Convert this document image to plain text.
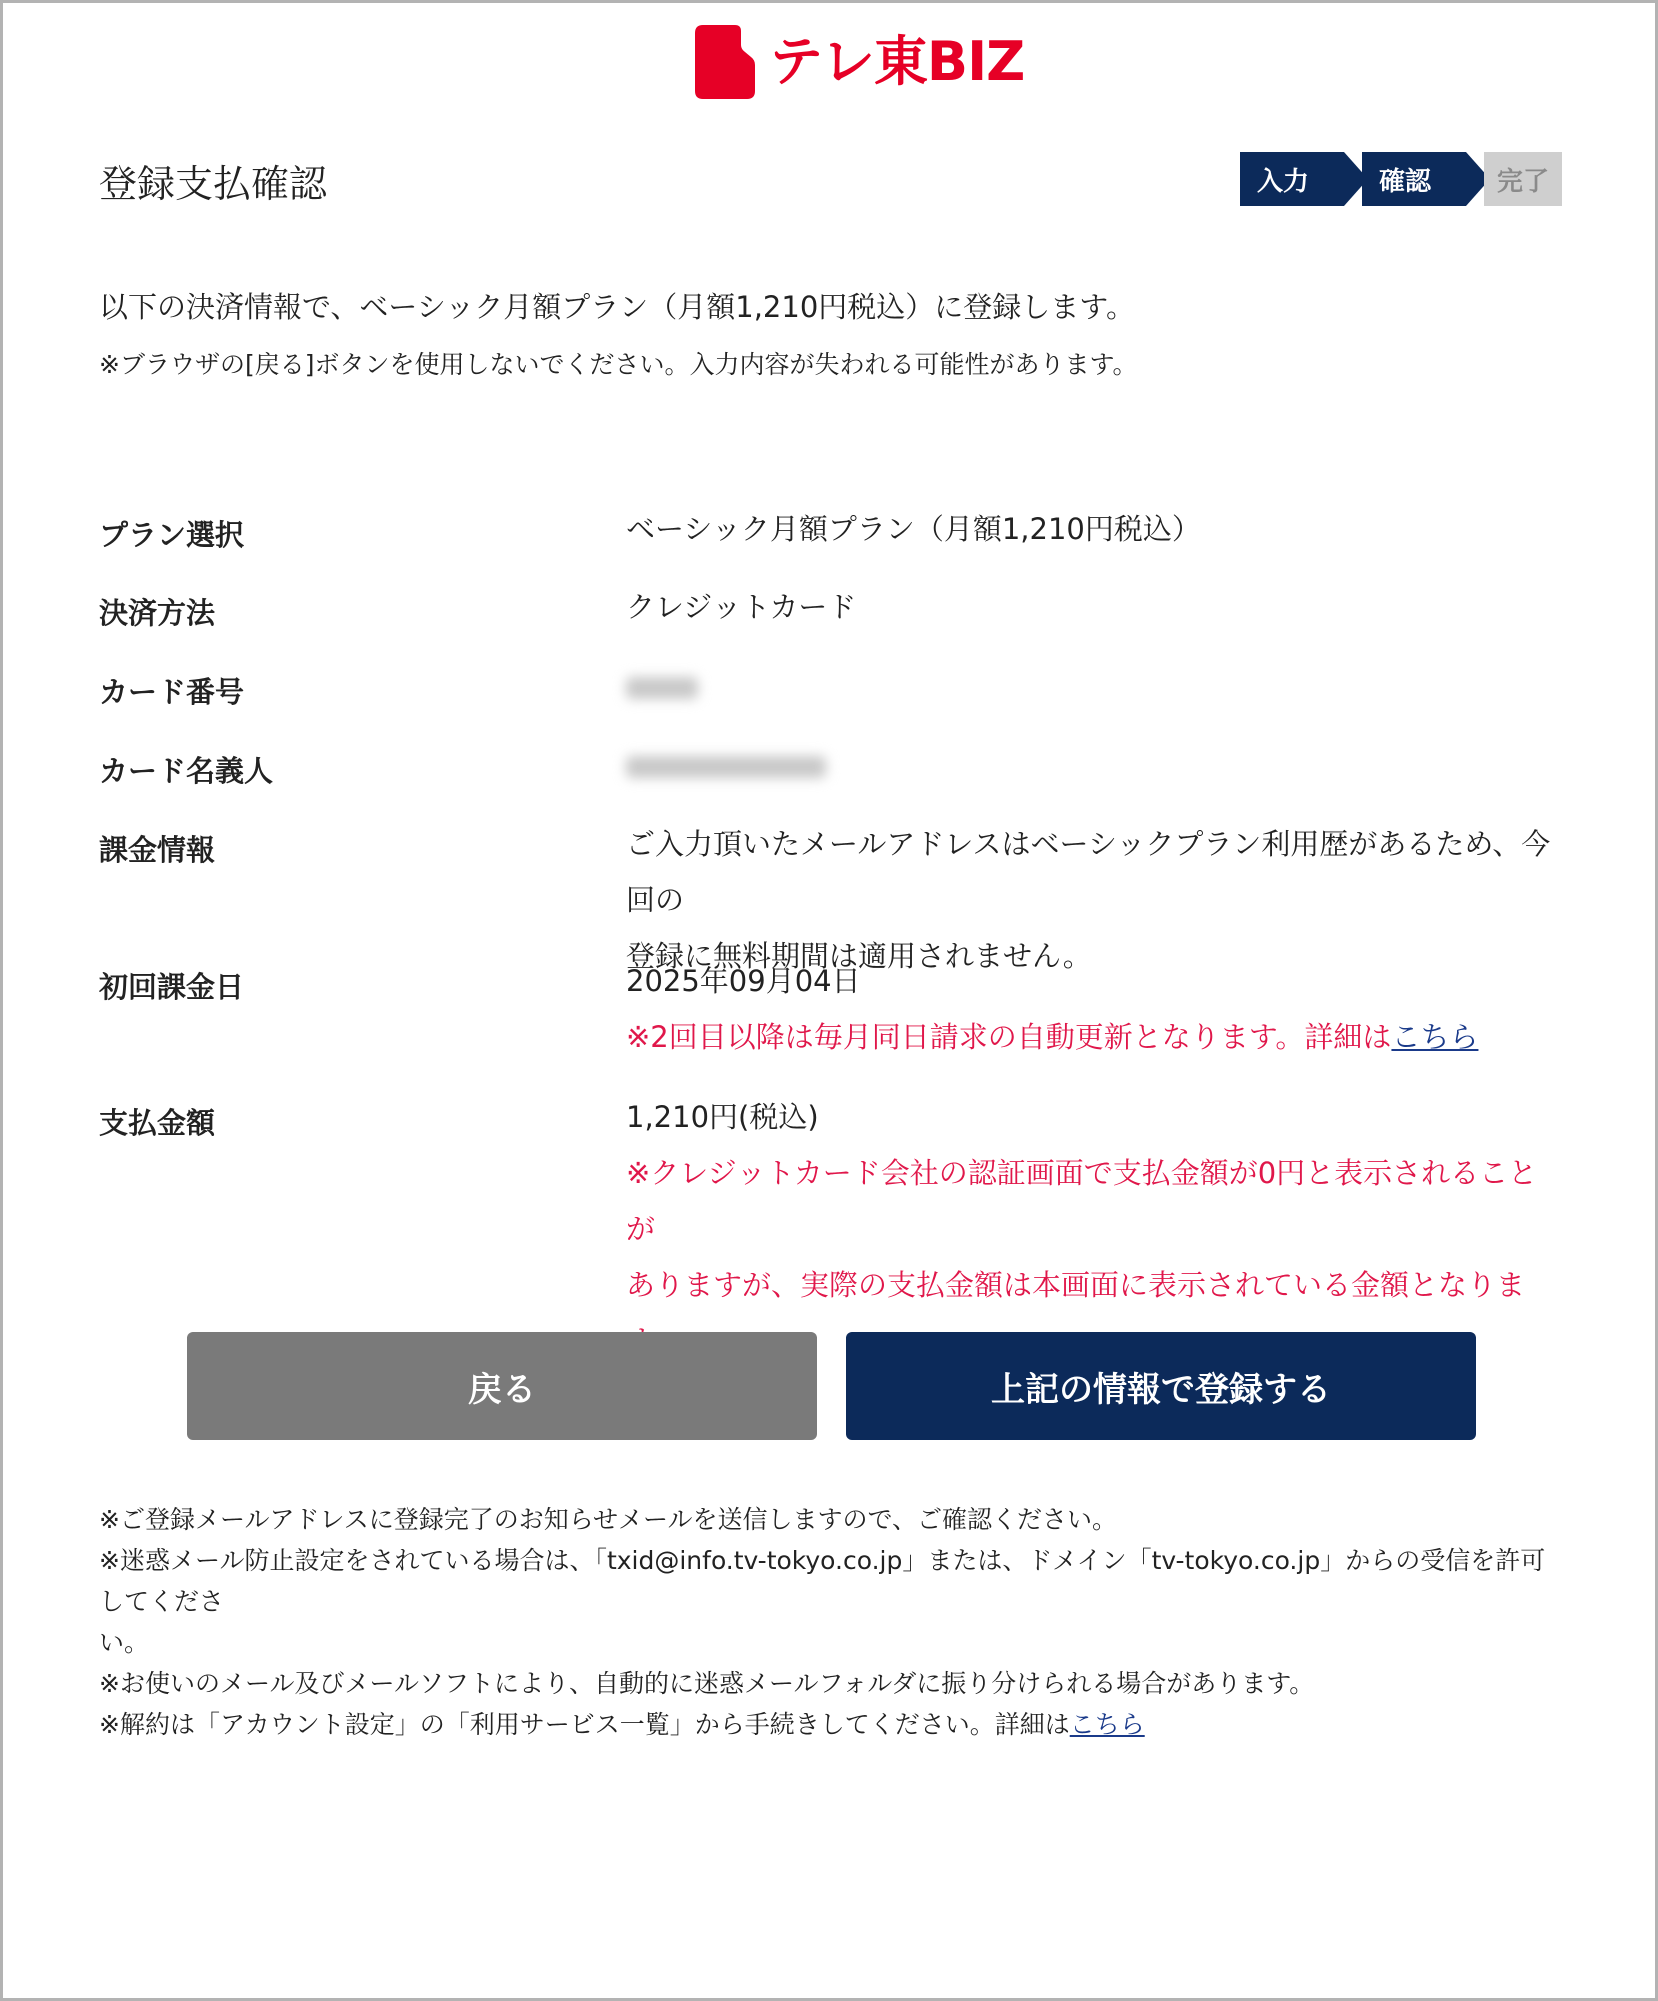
テレ東BIZ
登録支払確認	入力	確認	完了

以下の決済情報で、ベーシック月額プラン（月額1,210円税込）に登録します。

※ブラウザの[戻る]ボタンを使用しないでください。入力内容が失われる可能性があります。

プラン選択	ベーシック月額プラン（月額1,210円税込）
決済方法	クレジットカード
カード番号
カード名義人
課金情報	ご入力頂いたメールアドレスはベーシックプラン利用歴があるため、今回の
登録に無料期間は適用されません。
初回課金日	2025年09月04日
※2回目以降は毎月同日請求の自動更新となります。詳細はこちら
支払金額	1,210円(税込)
※クレジットカード会社の認証画面で支払金額が0円と表示されることが
ありますが、実際の支払金額は本画面に表示されている金額となりま
戻る	上記の情報で登録する

※ご登録メールアドレスに登録完了のお知らせメールを送信しますので、ご確認ください。

※迷惑メール防止設定をされている場合は、「txid@info.tv-tokyo.co.jp」または、ドメイン「tv-tokyo.co.jp」からの受信を許可してくださ

い。

※お使いのメール及びメールソフトにより、自動的に迷惑メールフォルダに振り分けられる場合があります。

※解約は「アカウント設定」の「利用サービス一覧」から手続きしてください。詳細はこちら
